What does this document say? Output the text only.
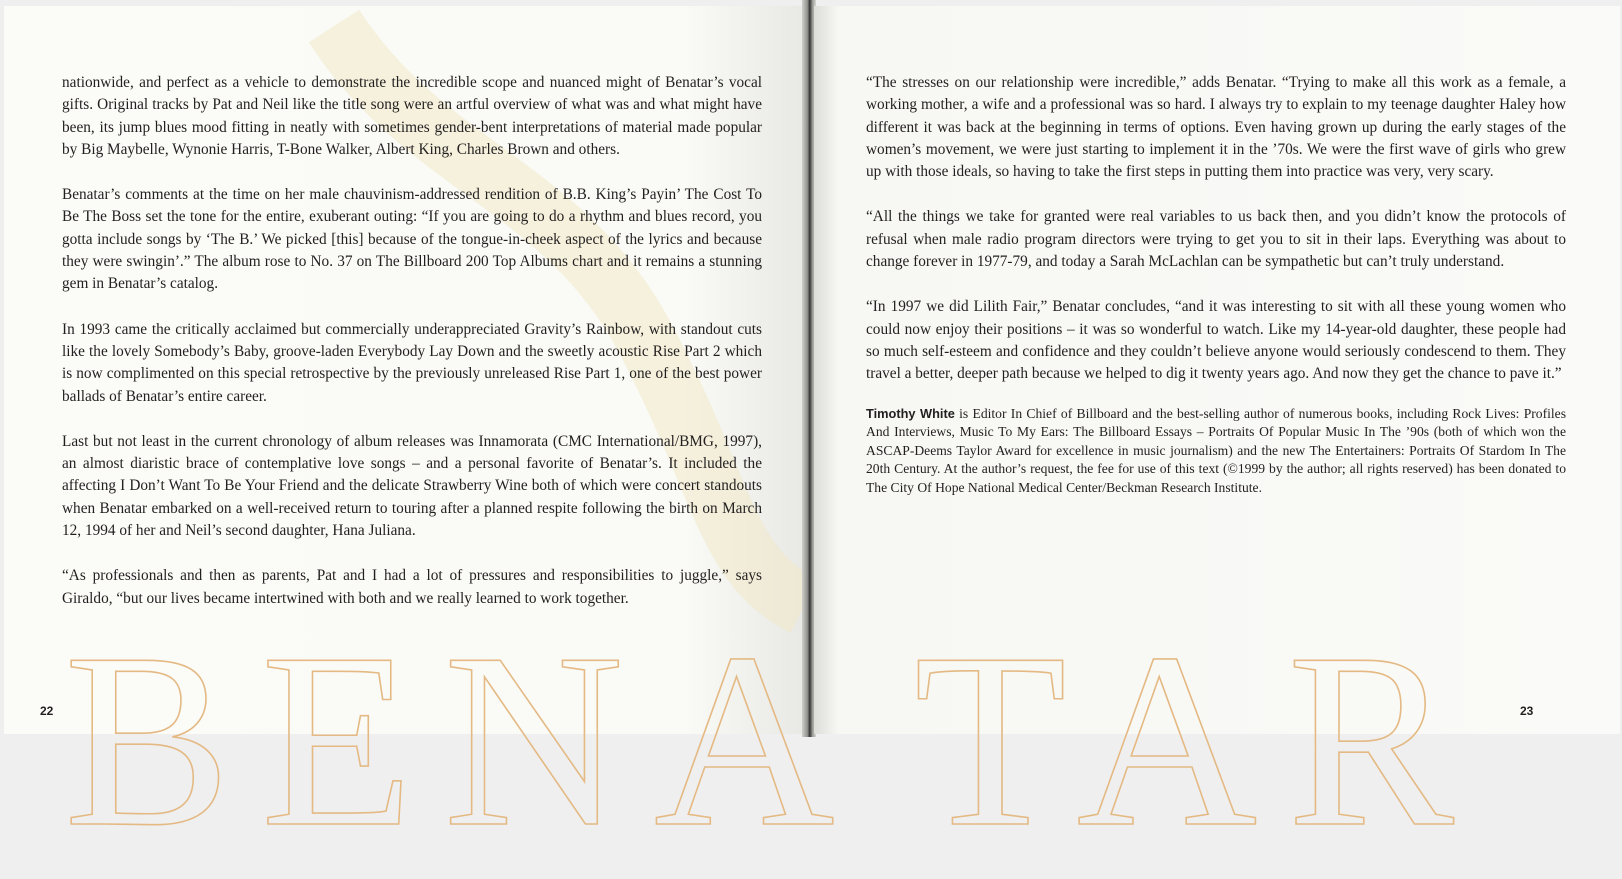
BENA

nationwide, and perfect as a vehicle to demonstrate the incredible scope and nuanced might of Benatar’s vocal gifts. Original tracks by Pat and Neil like the title song were an artful overview of what was and what might have been, its jump blues mood fitting in neatly with sometimes gender-bent interpretations of material made popular by Big Maybelle, Wynonie Harris, T-Bone Walker, Albert King, Charles Brown and others.

Benatar’s comments at the time on her male chauvinism-addressed rendition of B.B. King’s Payin’ The Cost To Be The Boss set the tone for the entire, exuberant outing: “If you are going to do a rhythm and blues record, you gotta include songs by ‘The B.’ We picked [this] because of the tongue-in-cheek aspect of the lyrics and because they were swingin’.” The album rose to No. 37 on The Billboard 200 Top Albums chart and it remains a stunning gem in Benatar’s catalog.

In 1993 came the critically acclaimed but commercially underappreciated Gravity’s Rainbow, with standout cuts like the lovely Somebody’s Baby, groove-laden Everybody Lay Down and the sweetly acoustic Rise Part 2 which is now complimented on this special retrospective by the previously unreleased Rise Part 1, one of the best power ballads of Benatar’s entire career.

Last but not least in the current chronology of album releases was Innamorata (CMC International/BMG, 1997), an almost diaristic brace of contemplative love songs – and a personal favorite of Benatar’s. It included the affecting I Don’t Want To Be Your Friend and the delicate Strawberry Wine both of which were concert standouts when Benatar embarked on a well-received return to touring after a planned respite following the birth on March 12, 1994 of her and Neil’s second daughter, Hana Juliana.

“As professionals and then as parents, Pat and I had a lot of pressures and responsibilities to juggle,” says Giraldo, “but our lives became intertwined with both and we really learned to work together.

22	TAR

“The stresses on our relationship were incredible,” adds Benatar. “Trying to make all this work as a female, a working mother, a wife and a professional was so hard. I always try to explain to my teenage daughter Haley how different it was back at the beginning in terms of options. Even having grown up during the early stages of the women’s movement, we were just starting to implement it in the ’70s. We were the first wave of girls who grew up with those ideals, so having to take the first steps in putting them into practice was very, very scary.

“All the things we take for granted were real variables to us back then, and you didn’t know the protocols of refusal when male radio program directors were trying to get you to sit in their laps. Everything was about to change forever in 1977-79, and today a Sarah McLachlan can be sympathetic but can’t truly understand.

“In 1997 we did Lilith Fair,” Benatar concludes, “and it was interesting to sit with all these young women who could now enjoy their positions – it was so wonderful to watch. Like my 14-year-old daughter, these people had so much self-esteem and confidence and they couldn’t believe anyone would seriously condescend to them. They travel a better, deeper path because we helped to dig it twenty years ago. And now they get the chance to pave it.”

Timothy White is Editor In Chief of Billboard and the best-selling author of numerous books, including Rock Lives: Profiles And Interviews, Music To My Ears: The Billboard Essays – Portraits Of Popular Music In The ’90s (both of which won the ASCAP-Deems Taylor Award for excellence in music journalism) and the new The Entertainers: Portraits Of Stardom In The 20th Century. At the author’s request, the fee for use of this text (©1999 by the author; all rights reserved) has been donated to The City Of Hope National Medical Center/Beckman Research Institute.

23
